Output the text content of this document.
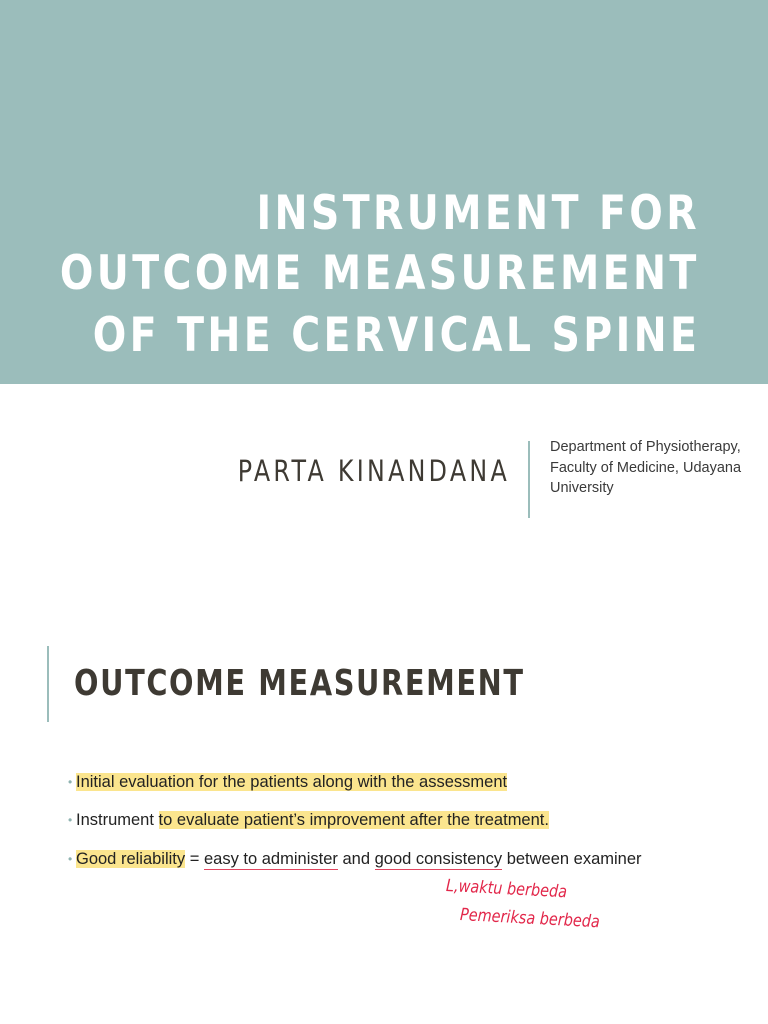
INSTRUMENT FOR
OUTCOME MEASUREMENT
OF THE CERVICAL SPINE
PARTA KINANDANA
Department of Physiotherapy, Faculty of Medicine, Udayana University
OUTCOME MEASUREMENT
• Initial evaluation for the patients along with the assessment
• Instrument to evaluate patient’s improvement after the treatment.
• Good reliability = easy to administer and good consistency between examiner
L,waktu berbeda
Pemeriksa berbeda
